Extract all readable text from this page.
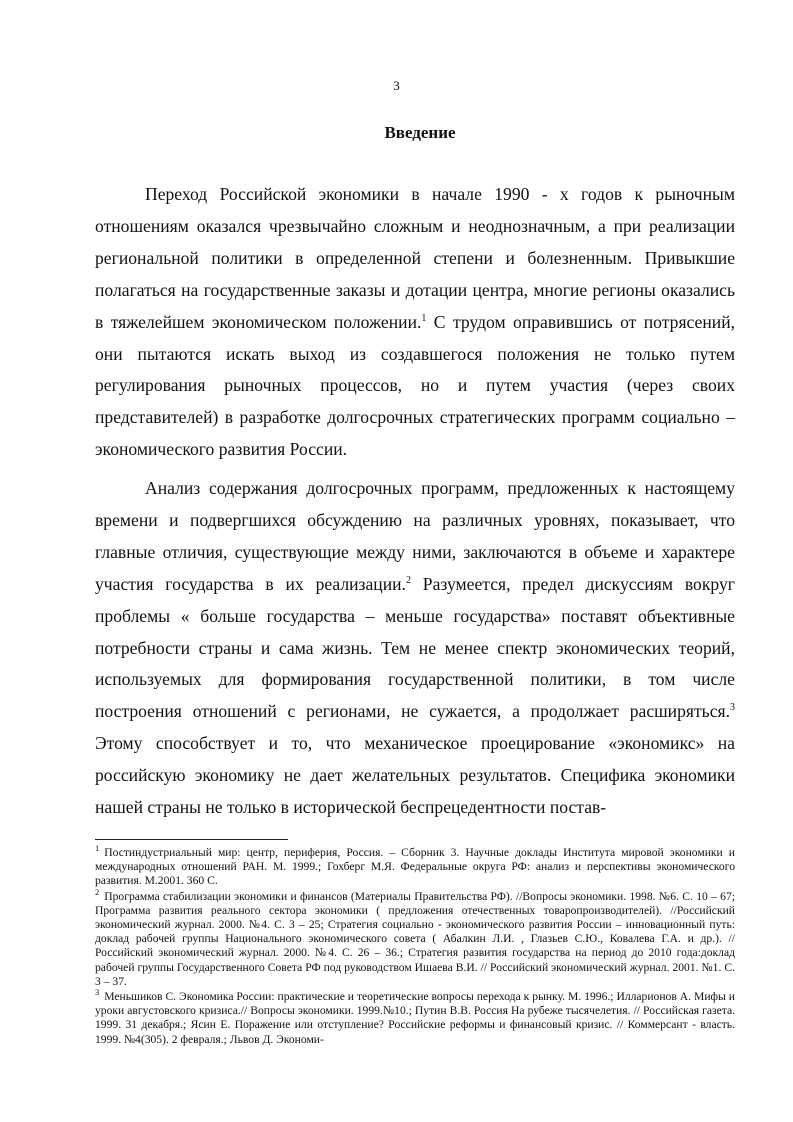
3
Введение

Переход Российской экономики в начале 1990 - х годов к рыночным отношениям оказался чрезвычайно сложным и неоднозначным, а при реализации региональной политики в определенной степени и болезненным. Привыкшие полагаться на государственные заказы и дотации центра, многие регионы оказались в тяжелейшем экономическом положении.$^1$ С трудом оправившись от потрясений, они пытаются искать выход из создавшегося положения не только путем регулирования рыночных процессов, но и путем участия (через своих представителей) в разработке долгосрочных стратегических программ социально – экономического развития России.

Анализ содержания долгосрочных программ, предложенных к настоящему времени и подвергшихся обсуждению на различных уровнях, показывает, что главные отличия, существующие между ними, заключаются в объеме и характере участия государства в их реализации.$^2$ Разумеется, предел дискуссиям вокруг проблемы « больше государства – меньше государства» поставят объективные потребности страны и сама жизнь. Тем не менее спектр экономических теорий, используемых для формирования государственной политики, в том числе построения отношений с регионами, не сужается, а продолжает расширяться.$^3$ Этому способствует и то, что механическое проецирование «экономикс» на российскую экономику не дает желательных результатов. Специфика экономики нашей страны не только в исторической беспрецедентности постав-

$^1$ Постиндустриальный мир: центр, периферия, Россия. – Сборник 3. Научные доклады Института мировой экономики и международных отношений РАН. М. 1999.; Гохберг М.Я. Федеральные округа РФ: анализ и перспективы экономического развития. М.2001. 360 С.

$^2$ Программа стабилизации экономики и финансов (Материалы Правительства РФ). //Вопросы экономики. 1998. №6. С. 10 – 67; Программа развития реального сектора экономики ( предложения отечественных товаропроизводителей). //Российский экономический журнал. 2000. №4. С. 3 – 25; Стратегия социально - экономического развития России – инновационный путь: доклад рабочей группы Национального экономического совета ( Абалкин Л.И. , Глазьев С.Ю., Ковалева Г.А. и др.). // Российский экономический журнал. 2000. №4. С. 26 – 36.; Стратегия развития государства на период до 2010 года:доклад рабочей группы Государственного Совета РФ под руководством Ишаева В.И. // Российский экономический журнал. 2001. №1. С. 3 – 37.

$^3$ Меньшиков С. Экономика России: практические и теоретические вопросы перехода к рынку. М. 1996.; Илларионов А. Мифы и уроки августовского кризиса.// Вопросы экономики. 1999.№10.; Путин В.В. Россия На рубеже тысячелетия. // Российская газета. 1999. 31 декабря.; Ясин Е. Поражение или отступление? Российские реформы и финансовый кризис. // Коммерсант - власть. 1999. №4(305). 2 февраля.; Львов Д. Экономи-
